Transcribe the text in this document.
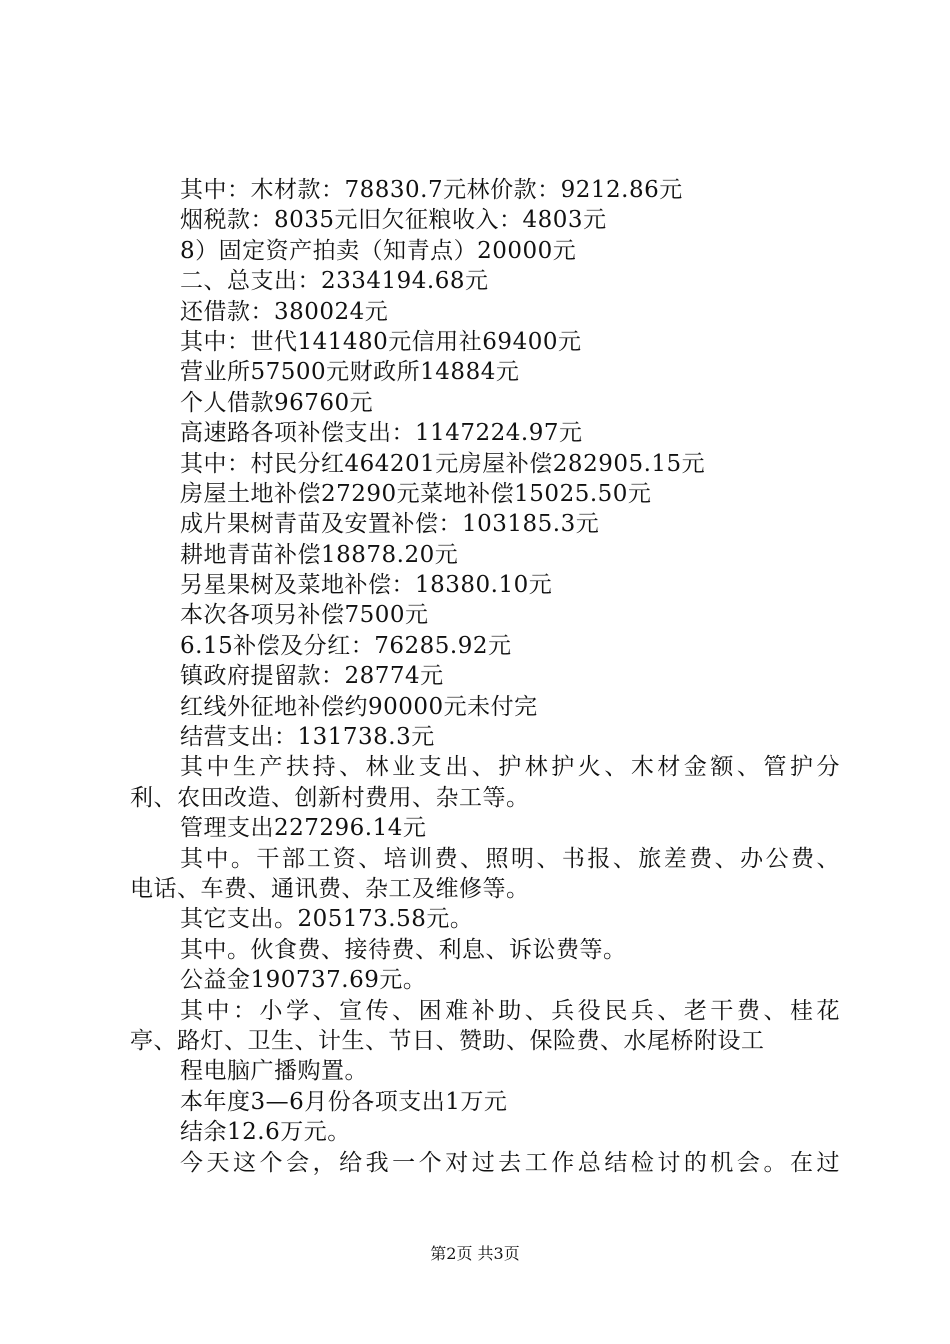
其中：木材款：78830.7元林价款：9212.86元
烟税款：8035元旧欠征粮收入：4803元
8）固定资产拍卖（知青点）20000元
二、总支出：2334194.68元
还借款：380024元
其中：世代141480元信用社69400元
营业所57500元财政所14884元
个人借款96760元
高速路各项补偿支出：1147224.97元
其中：村民分红464201元房屋补偿282905.15元
房屋土地补偿27290元菜地补偿15025.50元
成片果树青苗及安置补偿：103185.3元
耕地青苗补偿18878.20元
另星果树及菜地补偿：18380.10元
本次各项另补偿7500元
6.15补偿及分红：76285.92元
镇政府提留款：28774元
红线外征地补偿约90000元未付完
结营支出：131738.3元
其中生产扶持、林业支出、护林护火、木材金额、管护分
利、农田改造、创新村费用、杂工等。
管理支出227296.14元
其中。干部工资、培训费、照明、书报、旅差费、办公费、
电话、车费、通讯费、杂工及维修等。
其它支出。205173.58元。
其中。伙食费、接待费、利息、诉讼费等。
公益金190737.69元。
其中：小学、宣传、困难补助、兵役民兵、老干费、桂花
亭、路灯、卫生、计生、节日、赞助、保险费、水尾桥附设工
程电脑广播购置。
本年度3—6月份各项支出1万元
结余12.6万元。
今天这个会，给我一个对过去工作总结检讨的机会。在过
第2页 共3页
